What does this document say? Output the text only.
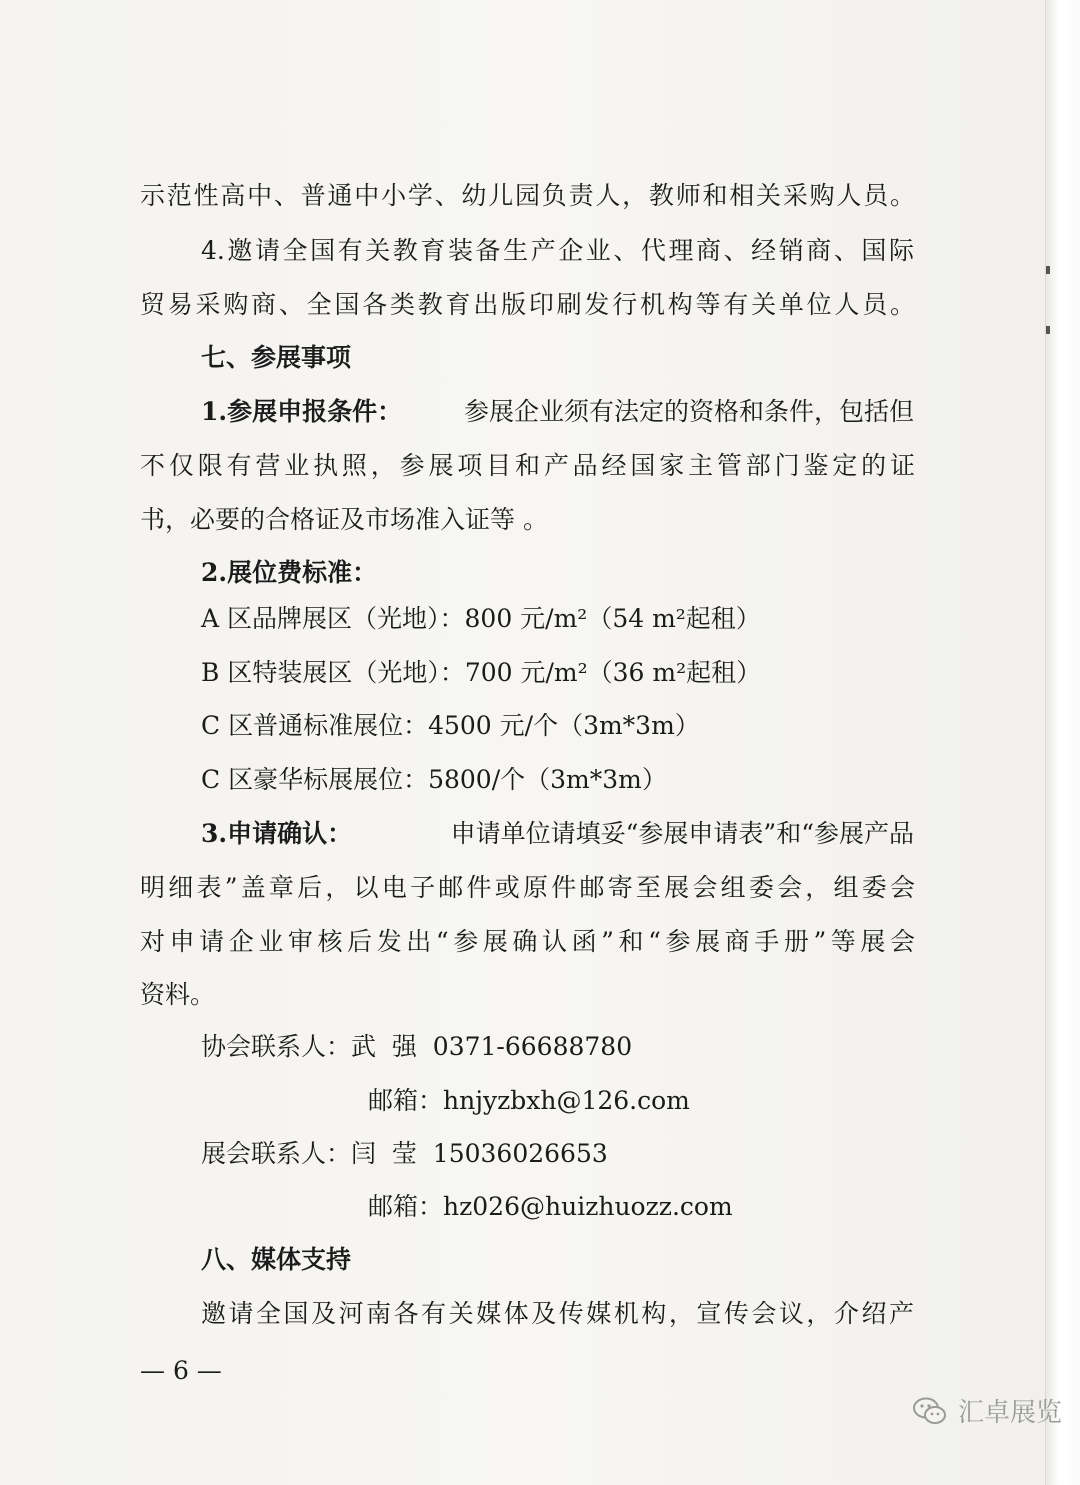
示范性高中、普通中小学、幼儿园负责人，教师和相关采购人员。

4.邀请全国有关教育装备生产企业、代理商、经销商、国际

贸易采购商、全国各类教育出版印刷发行机构等有关单位人员。

七、参展事项

1.参展申报条件： 参展企业须有法定的资格和条件，包括但

不仅限有营业执照，参展项目和产品经国家主管部门鉴定的证

书，必要的合格证及市场准入证等 。

2.展位费标准：

A 区品牌展区（光地）：800 元/m²（54 m²起租）

B 区特装展区（光地）：700 元/m²（36 m²起租）

C 区普通标准展位：4500 元/个（3m*3m）

C 区豪华标展展位：5800/个（3m*3m）

3.申请确认：	申请单位请填妥“参展申请表”和“参展产品

明细表”盖章后，以电子邮件或原件邮寄至展会组委会，组委会

对申请企业审核后发出“参展确认函”和“参展商手册”等展会

资料。

协会联系人：武  强  0371-66688780

邮箱：hnjyzbxh@126.com

展会联系人：闫  莹  15036026653

邮箱：hz026@huizhuozz.com

八、媒体支持

邀请全国及河南各有关媒体及传媒机构，宣传会议，介绍产

— 6 —
汇卓展览
